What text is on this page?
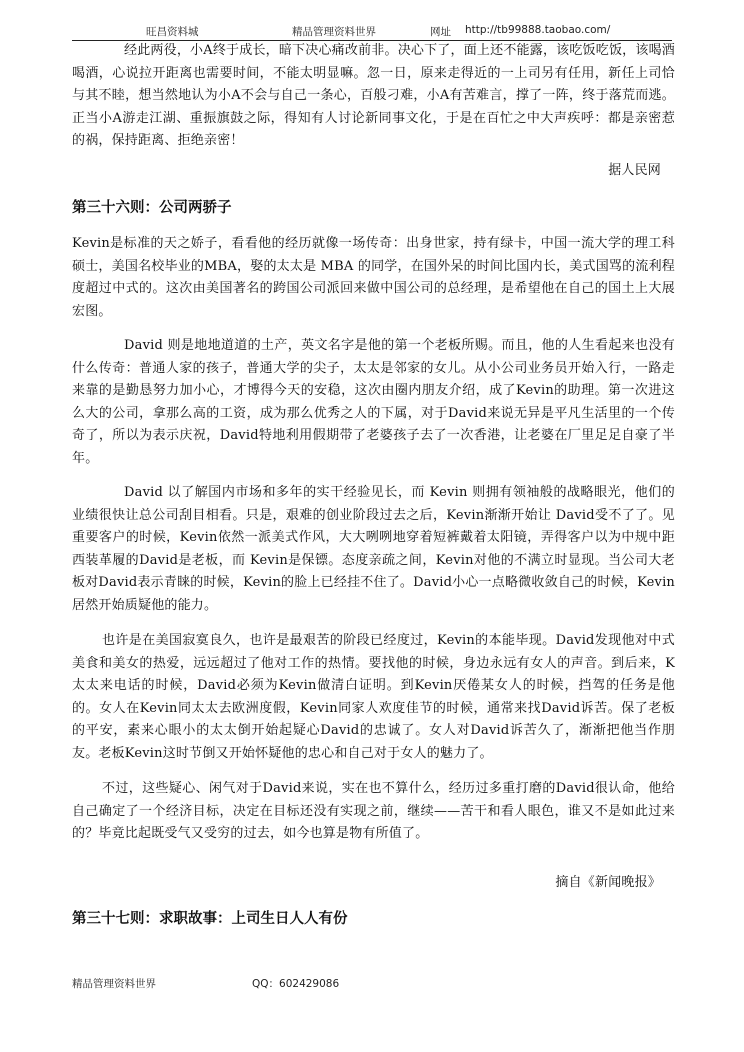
旺昌资料城	精品管理资料世界	网址 http://tb99888.taobao.com/

经此两役，小A终于成长，暗下决心痛改前非。决心下了，面上还不能露，该吃饭吃饭，该喝酒喝酒，心说拉开距离也需要时间，不能太明显嘛。忽一日，原来走得近的一上司另有任用，新任上司恰与其不睦，想当然地认为小A不会与自己一条心，百般刁难，小A有苦难言，撑了一阵，终于落荒而逃。正当小A游走江湖、重振旗鼓之际，得知有人讨论新同事文化，于是在百忙之中大声疾呼：都是亲密惹的祸，保持距离、拒绝亲密！

据人民网

第三十六则：公司两骄子

Kevin是标准的天之娇子，看看他的经历就像一场传奇：出身世家，持有绿卡，中国一流大学的理工科硕士，美国名校毕业的MBA，娶的太太是 MBA 的同学，在国外呆的时间比国内长，美式国骂的流利程度超过中式的。这次由美国著名的跨国公司派回来做中国公司的总经理，是希望他在自己的国土上大展宏图。

David 则是地地道道的土产，英文名字是他的第一个老板所赐。而且，他的人生看起来也没有什么传奇：普通人家的孩子，普通大学的尖子，太太是邻家的女儿。从小公司业务员开始入行，一路走来靠的是勤恳努力加小心，才博得今天的安稳，这次由圈内朋友介绍，成了Kevin的助理。第一次进这么大的公司，拿那么高的工资，成为那么优秀之人的下属，对于David来说无异是平凡生活里的一个传奇了，所以为表示庆祝，David特地利用假期带了老婆孩子去了一次香港，让老婆在厂里足足自豪了半年。

David 以了解国内市场和多年的实干经验见长，而 Kevin 则拥有领袖般的战略眼光，他们的业绩很快让总公司刮目相看。只是，艰难的创业阶段过去之后，Kevin渐渐开始让 David受不了了。见重要客户的时候，Kevin依然一派美式作风，大大咧咧地穿着短裤戴着太阳镜，弄得客户以为中规中距西装革履的David是老板，而 Kevin是保镖。态度亲疏之间，Kevin对他的不满立时显现。当公司大老板对David表示青睐的时候，Kevin的脸上已经挂不住了。David小心一点略微收敛自己的时候，Kevin居然开始质疑他的能力。

也许是在美国寂寞良久，也许是最艰苦的阶段已经度过，Kevin的本能毕现。David发现他对中式美食和美女的热爱，远远超过了他对工作的热情。要找他的时候，身边永远有女人的声音。到后来，K太太来电话的时候，David必须为Kevin做清白证明。到Kevin厌倦某女人的时候，挡驾的任务是他的。女人在Kevin同太太去欧洲度假，Kevin同家人欢度佳节的时候，通常来找David诉苦。保了老板的平安，素来心眼小的太太倒开始起疑心David的忠诚了。女人对David诉苦久了，渐渐把他当作朋友。老板Kevin这时节倒又开始怀疑他的忠心和自己对于女人的魅力了。

不过，这些疑心、闲气对于David来说，实在也不算什么，经历过多重打磨的David很认命，他给自己确定了一个经济目标，决定在目标还没有实现之前，继续——苦干和看人眼色，谁又不是如此过来的？毕竟比起既受气又受穷的过去，如今也算是物有所值了。

摘自《新闻晚报》

第三十七则：求职故事：上司生日人人有份
精品管理资料世界	QQ：602429086
